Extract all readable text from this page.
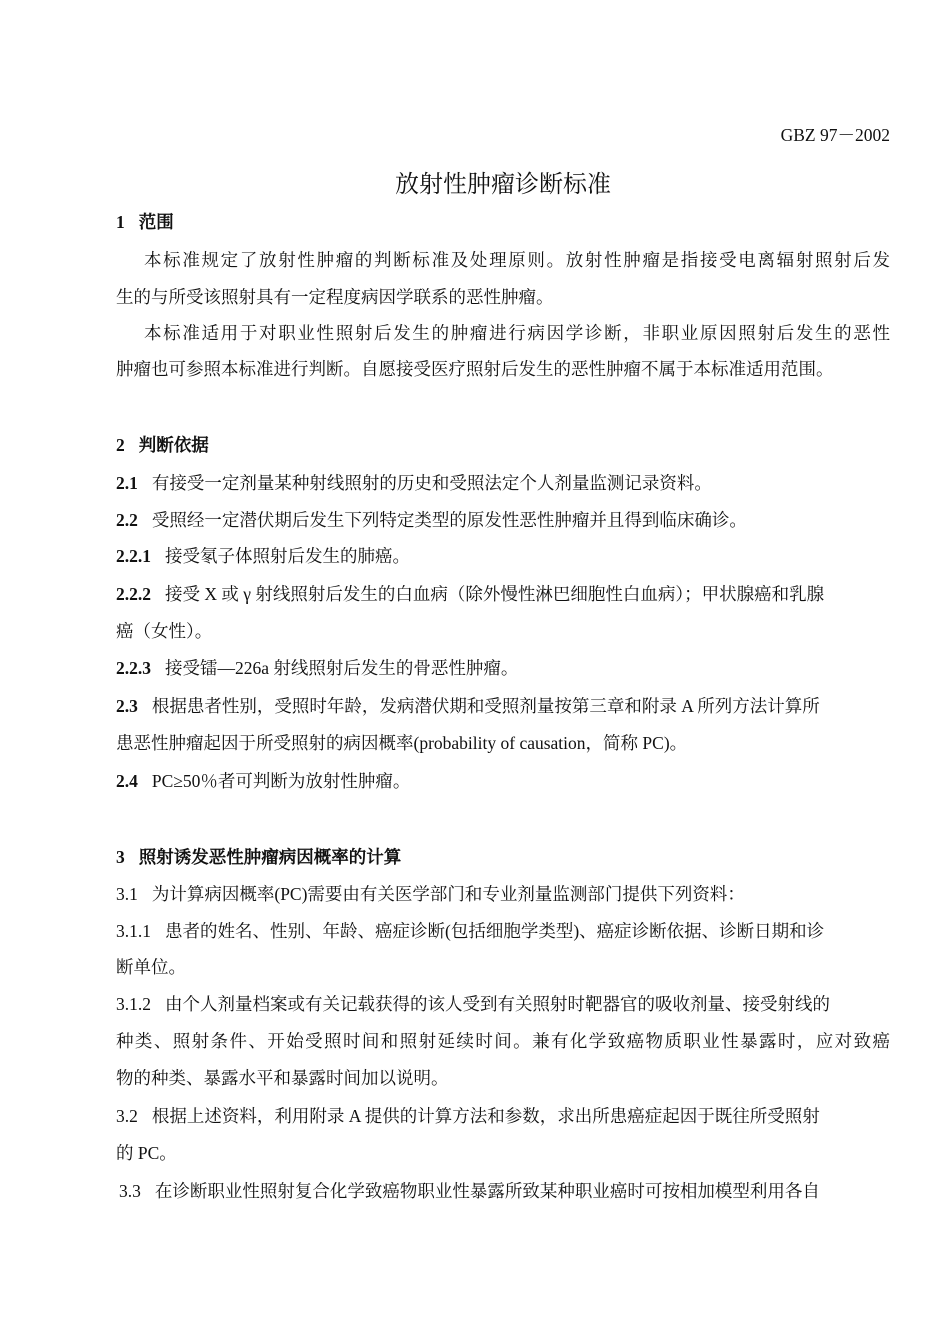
GBZ 97－2002
放射性肿瘤诊断标准
1 范围
本标准规定了放射性肿瘤的判断标准及处理原则。放射性肿瘤是指接受电离辐射照射后发
生的与所受该照射具有一定程度病因学联系的恶性肿瘤。
本标准适用于对职业性照射后发生的肿瘤进行病因学诊断，非职业原因照射后发生的恶性
肿瘤也可参照本标准进行判断。自愿接受医疗照射后发生的恶性肿瘤不属于本标准适用范围。
2 判断依据
2.1 有接受一定剂量某种射线照射的历史和受照法定个人剂量监测记录资料。
2.2 受照经一定潜伏期后发生下列特定类型的原发性恶性肿瘤并且得到临床确诊。
2.2.1 接受氡子体照射后发生的肺癌。
2.2.2 接受 X 或 γ 射线照射后发生的白血病（除外慢性淋巴细胞性白血病）；甲状腺癌和乳腺
癌（女性）。
2.2.3 接受镭—226a 射线照射后发生的骨恶性肿瘤。
2.3 根据患者性别，受照时年龄，发病潜伏期和受照剂量按第三章和附录 A 所列方法计算所
患恶性肿瘤起因于所受照射的病因概率(probability of causation，简称 PC)。
2.4 PC≥50％者可判断为放射性肿瘤。
3 照射诱发恶性肿瘤病因概率的计算
3.1 为计算病因概率(PC)需要由有关医学部门和专业剂量监测部门提供下列资料：
3.1.1 患者的姓名、性别、年龄、癌症诊断(包括细胞学类型)、癌症诊断依据、诊断日期和诊
断单位。
3.1.2 由个人剂量档案或有关记载获得的该人受到有关照射时靶器官的吸收剂量、接受射线的
种类、照射条件、开始受照时间和照射延续时间。兼有化学致癌物质职业性暴露时，应对致癌
物的种类、暴露水平和暴露时间加以说明。
3.2 根据上述资料，利用附录 A 提供的计算方法和参数，求出所患癌症起因于既往所受照射
的 PC。
3.3 在诊断职业性照射复合化学致癌物职业性暴露所致某种职业癌时可按相加模型利用各自
